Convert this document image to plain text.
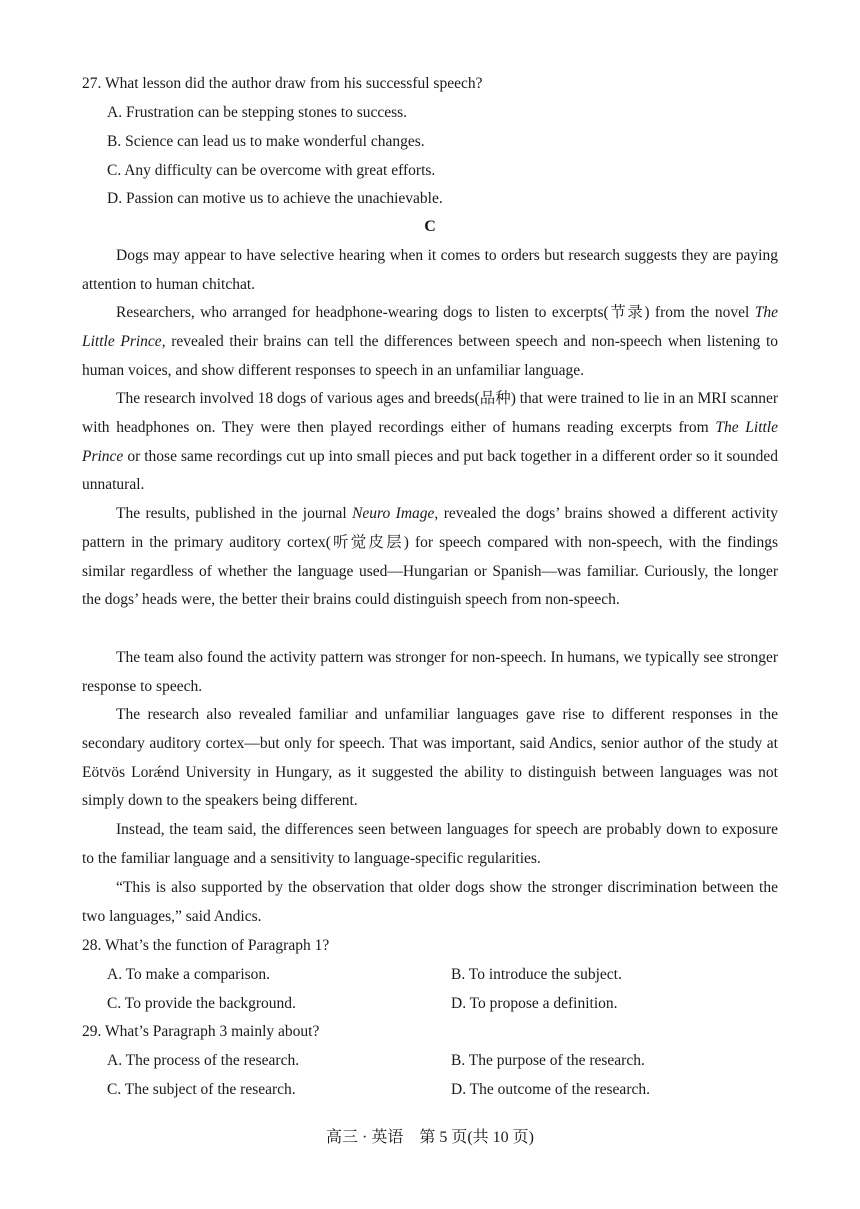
27. What lesson did the author draw from his successful speech?
A. Frustration can be stepping stones to success.
B. Science can lead us to make wonderful changes.
C. Any difficulty can be overcome with great efforts.
D. Passion can motive us to achieve the unachievable.
C
Dogs may appear to have selective hearing when it comes to orders but research suggests they are paying attention to human chitchat.
Researchers, who arranged for headphone-wearing dogs to listen to excerpts(节录) from the novel The Little Prince, revealed their brains can tell the differences between speech and non-speech when listening to human voices, and show different responses to speech in an unfamiliar language.
The research involved 18 dogs of various ages and breeds(品种) that were trained to lie in an MRI scanner with headphones on. They were then played recordings either of humans reading excerpts from The Little Prince or those same recordings cut up into small pieces and put back together in a different order so it sounded unnatural.
The results, published in the journal Neuro Image, revealed the dogs’ brains showed a different activity pattern in the primary auditory cortex(听觉皮层) for speech compared with non-speech, with the findings similar regardless of whether the language used—Hungarian or Spanish—was familiar. Curiously, the longer the dogs’ heads were, the better their brains could distinguish speech from non-speech.
The team also found the activity pattern was stronger for non-speech. In humans, we typically see stronger response to speech.
The research also revealed familiar and unfamiliar languages gave rise to different responses in the secondary auditory cortex—but only for speech. That was important, said Andics, senior author of the study at Eötvös Lorǽnd University in Hungary, as it suggested the ability to distinguish between languages was not simply down to the speakers being different.
Instead, the team said, the differences seen between languages for speech are probably down to exposure to the familiar language and a sensitivity to language-specific regularities.
“This is also supported by the observation that older dogs show the stronger discrimination between the two languages,” said Andics.
28. What’s the function of Paragraph 1?
A. To make a comparison.	B. To introduce the subject.
C. To provide the background.	D. To propose a definition.
29. What’s Paragraph 3 mainly about?
A. The process of the research.	B. The purpose of the research.
C. The subject of the research.	D. The outcome of the research.
高三 · 英语　第 5 页(共 10 页)
